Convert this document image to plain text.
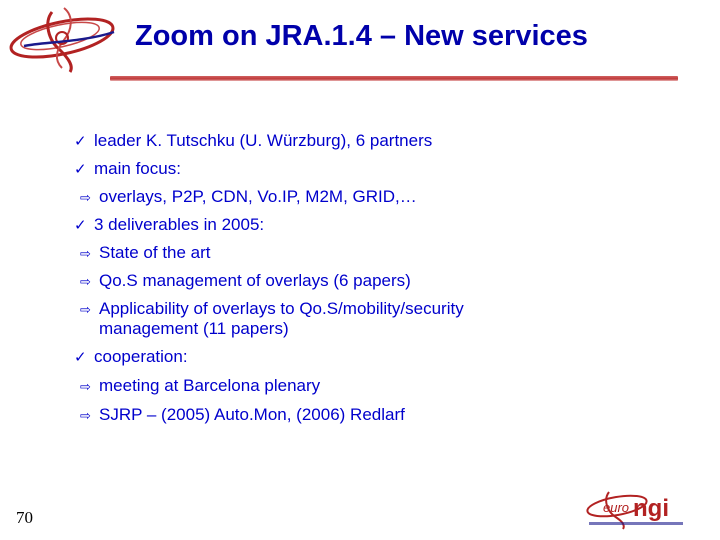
Zoom on JRA.1.4 – New services
✓ leader K. Tutschku (U. Würzburg), 6 partners
✓ main focus:
⇨ overlays, P2P, CDN, Vo.IP, M2M, GRID,…
✓ 3 deliverables in 2005:
⇨ State of the art
⇨ Qo.S management of overlays (6 papers)
⇨ Applicability of overlays to Qo.S/mobility/security
management (11 papers)
✓ cooperation:
⇨ meeting at Barcelona plenary
⇨ SJRP – (2005) Auto.Mon, (2006) Redlarf
70
euro ngi
